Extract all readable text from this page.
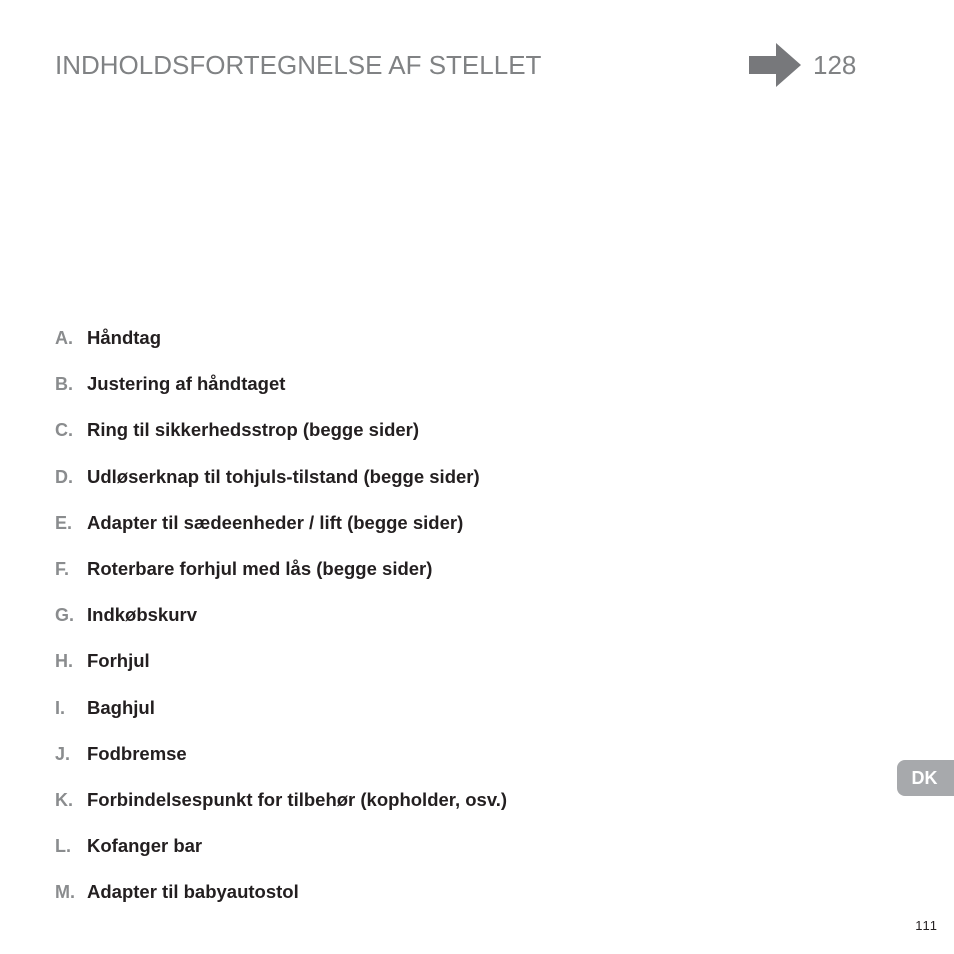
INDHOLDSFORTEGNELSE AF STELLET	128
A. Håndtag
B. Justering af håndtaget
C. Ring til sikkerhedsstrop (begge sider)
D. Udløserknap til tohjuls-tilstand (begge sider)
E. Adapter til sædeenheder / lift (begge sider)
F. Roterbare forhjul med lås (begge sider)
G. Indkøbskurv
H. Forhjul
I.	Baghjul
J. Fodbremse
K. Forbindelsespunkt for tilbehør (kopholder, osv.)
L. Kofanger bar
M. Adapter til babyautostol
DK
111
